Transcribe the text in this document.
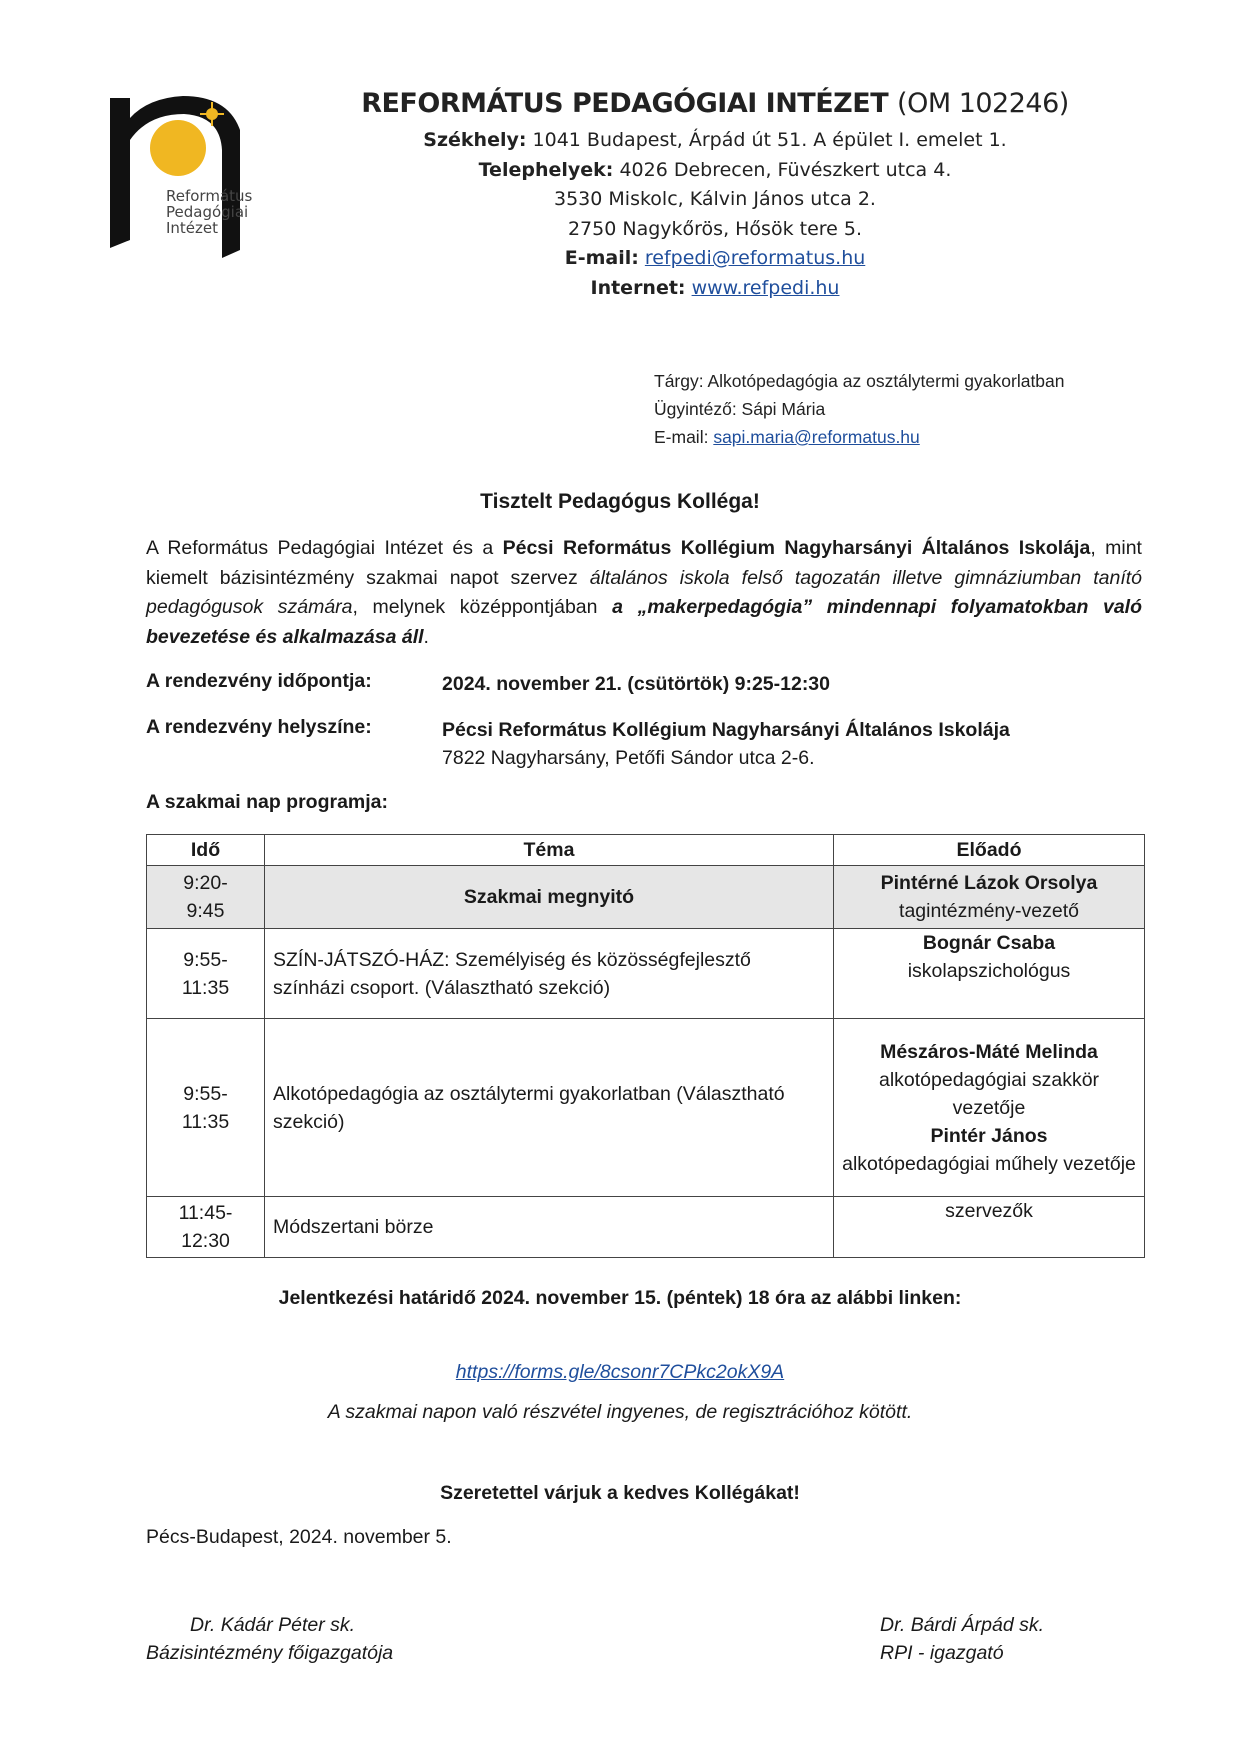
Református
Pedagógiai
Intézet
REFORMÁTUS PEDAGÓGIAI INTÉZET (OM 102246)
Székhely: 1041 Budapest, Árpád út 51. A épület I. emelet 1.
Telephelyek: 4026 Debrecen, Füvészkert utca 4.
3530 Miskolc, Kálvin János utca 2.
2750 Nagykőrös, Hősök tere 5.
E-mail: refpedi@reformatus.hu
Internet: www.refpedi.hu
Tárgy: Alkotópedagógia az osztálytermi gyakorlatban
Ügyintéző: Sápi Mária
E-mail: sapi.maria@reformatus.hu
Tisztelt Pedagógus Kolléga!
A Református Pedagógiai Intézet és a Pécsi Református Kollégium Nagyharsányi Általános Iskolája, mint kiemelt bázisintézmény szakmai napot szervez általános iskola felső tagozatán illetve gimnáziumban tanító pedagógusok számára, melynek középpontjában a „makerpedagógia” mindennapi folyamatokban való bevezetése és alkalmazása áll.
A rendezvény időpontja:	2024. november 21. (csütörtök) 9:25-12:30
A rendezvény helyszíne:	Pécsi Református Kollégium Nagyharsányi Általános Iskolája
7822 Nagyharsány, Petőfi Sándor utca 2-6.
A szakmai nap programja:
Idő	Téma	Előadó
9:20-
9:45	Szakmai megnyitó	Pintérné Lázok Orsolya
tagintézmény-vezető
9:55-
11:35	SZÍN-JÁTSZÓ-HÁZ: Személyiség és közösségfejlesztő színházi csoport. (Választható szekció)	Bognár Csaba
iskolapszichológus
9:55-
11:35	Alkotópedagógia az osztálytermi gyakorlatban (Választható szekció)	Mészáros-Máté Melinda
alkotópedagógiai szakkör vezetője
Pintér János
alkotópedagógiai műhely vezetője
11:45-
12:30	Módszertani börze	szervezők
Jelentkezési határidő 2024. november 15. (péntek) 18 óra az alábbi linken:
https://forms.gle/8csonr7CPkc2okX9A
A szakmai napon való részvétel ingyenes, de regisztrációhoz kötött.
Szeretettel várjuk a kedves Kollégákat!
Pécs-Budapest, 2024. november 5.
Dr. Kádár Péter sk.
Bázisintézmény főigazgatója
Dr. Bárdi Árpád sk.
RPI - igazgató
